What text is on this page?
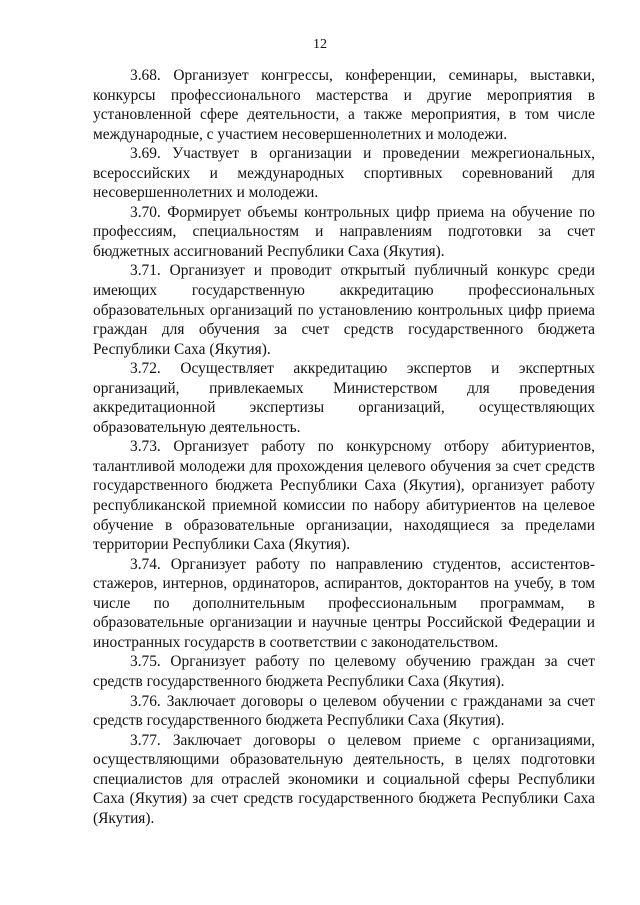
12

3.68. Организует конгрессы, конференции, семинары, выставки, конкурсы профессионального мастерства и другие мероприятия в установленной сфере деятельности, а также мероприятия, в том числе международные, с участием несовершеннолетних и молодежи.

3.69. Участвует в организации и проведении межрегиональных, всероссийских и международных спортивных соревнований для несовершеннолетних и молодежи.

3.70. Формирует объемы контрольных цифр приема на обучение по профессиям, специальностям и направлениям подготовки за счет бюджетных ассигнований Республики Саха (Якутия).

3.71. Организует и проводит открытый публичный конкурс среди имеющих государственную аккредитацию профессиональных образовательных организаций по установлению контрольных цифр приема граждан для обучения за счет средств государственного бюджета Республики Саха (Якутия).

3.72. Осуществляет аккредитацию экспертов и экспертных организаций, привлекаемых Министерством для проведения аккредитационной экспертизы организаций, осуществляющих образовательную деятельность.

3.73. Организует работу по конкурсному отбору абитуриентов, талантливой молодежи для прохождения целевого обучения за счет средств государственного бюджета Республики Саха (Якутия), организует работу республиканской приемной комиссии по набору абитуриентов на целевое обучение в образовательные организации, находящиеся за пределами территории Республики Саха (Якутия).

3.74. Организует работу по направлению студентов, ассистентов-стажеров, интернов, ординаторов, аспирантов, докторантов на учебу, в том числе по дополнительным профессиональным программам, в образовательные организации и научные центры Российской Федерации и иностранных государств в соответствии с законодательством.

3.75. Организует работу по целевому обучению граждан за счет средств государственного бюджета Республики Саха (Якутия).

3.76. Заключает договоры о целевом обучении с гражданами за счет средств государственного бюджета Республики Саха (Якутия).

3.77. Заключает договоры о целевом приеме с организациями, осуществляющими образовательную деятельность, в целях подготовки специалистов для отраслей экономики и социальной сферы Республики Саха (Якутия) за счет средств государственного бюджета Республики Саха (Якутия).
